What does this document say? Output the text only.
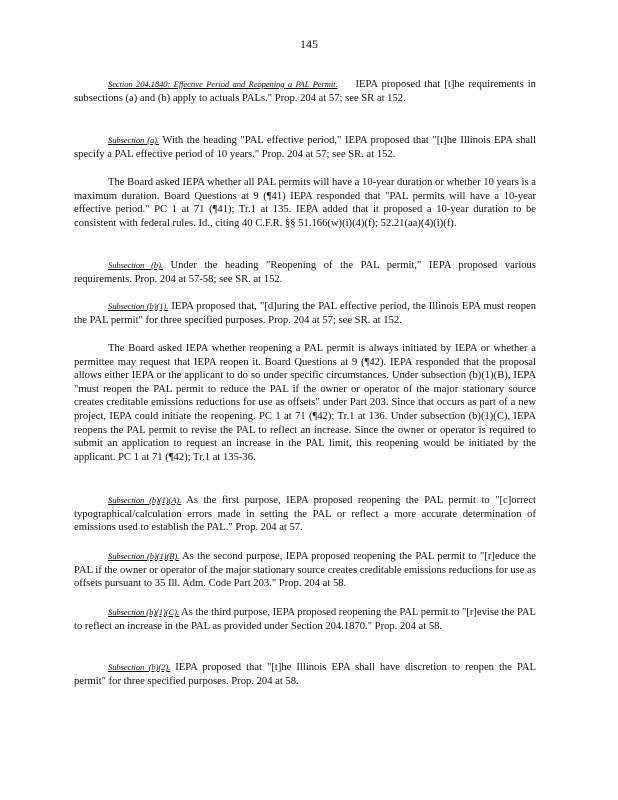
145

Section 204.1840: Effective Period and Reopening a PAL Permit. IEPA proposed that [t]he requirements in subsections (a) and (b) apply to actuals PALs." Prop. 204 at 57; see SR at 152.

Subsection (a). With the heading "PAL effective period," IEPA proposed that "[t]he Illinois EPA shall specify a PAL effective period of 10 years." Prop. 204 at 57; see SR. at 152.

The Board asked IEPA whether all PAL permits will have a 10-year duration or whether 10 years is a maximum duration. Board Questions at 9 (¶41) IEPA responded that "PAL permits will have a 10-year effective period." PC 1 at 71 (¶41); Tr.1 at 135. IEPA added that it proposed a 10-year duration to be consistent with federal rules. Id., citing 40 C.F.R. §§ 51.166(w)(i)(4)(f); 52.21(aa)(4)(i)(f).

Subsection (b). Under the heading "Reopening of the PAL permit," IEPA proposed various requirements. Prop. 204 at 57-58; see SR. at 152.

Subsection (b)(1). IEPA proposed that, "[d]uring the PAL effective period, the Illinois EPA must reopen the PAL permit" for three specified purposes. Prop. 204 at 57; see SR. at 152.

The Board asked IEPA whether reopening a PAL permit is always initiated by IEPA or whether a permittee may request that IEPA reopen it. Board Questions at 9 (¶42). IEPA responded that the proposal allows either IEPA or the applicant to do so under specific circumstances. Under subsection (b)(1)(B), IEPA "must reopen the PAL permit to reduce the PAL if the owner or operator of the major stationary source creates creditable emissions reductions for use as offsets" under Part 203. Since that occurs as part of a new project, IEPA could initiate the reopening. PC 1 at 71 (¶42); Tr.1 at 136. Under subsection (b)(1)(C), IEPA reopens the PAL permit to revise the PAL to reflect an increase. Since the owner or operator is required to submit an application to request an increase in the PAL limit, this reopening would be initiated by the applicant. PC 1 at 71 (¶42); Tr.1 at 135-36.

Subsection (b)(1)(A). As the first purpose, IEPA proposed reopening the PAL permit to "[c]orrect typographical/calculation errors made in setting the PAL or reflect a more accurate determination of emissions used to establish the PAL." Prop. 204 at 57.

Subsection (b)(1)(B). As the second purpose, IEPA proposed reopening the PAL permit to "[r]educe the PAL if the owner or operator of the major stationary source creates creditable emissions reductions for use as offsets pursuant to 35 Ill. Adm. Code Part 203." Prop. 204 at 58.

Subsection (b)(1)(C). As the third purpose, IEPA proposed reopening the PAL permit to "[r]evise the PAL to reflect an increase in the PAL as provided under Section 204.1870." Prop. 204 at 58.

Subsection (b)(2). IEPA proposed that "[t]he Illinois EPA shall have discretion to reopen the PAL permit" for three specified purposes. Prop. 204 at 58.
